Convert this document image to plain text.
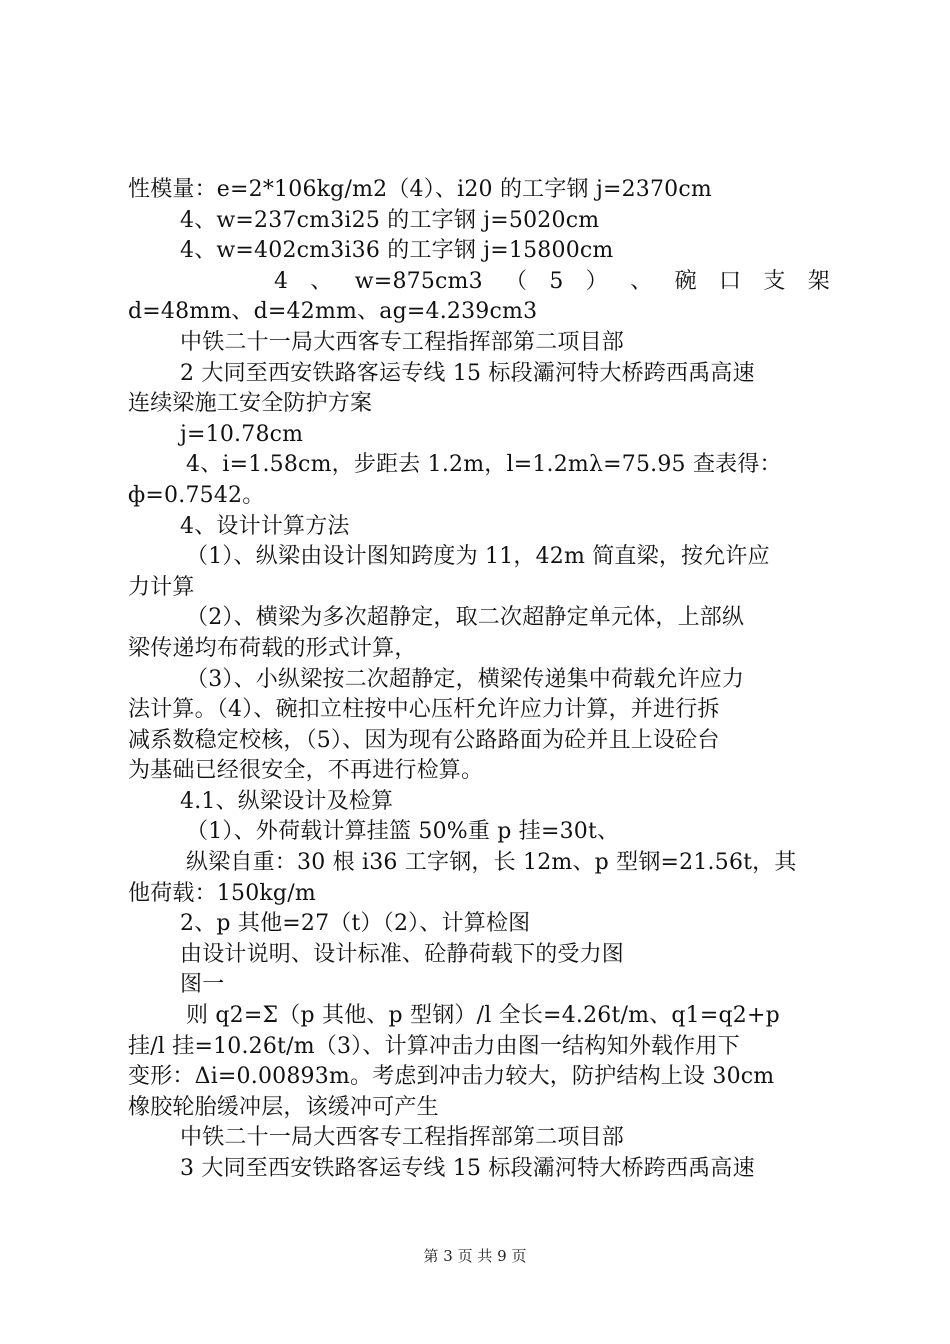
性模量：e=2*106kg/m2（4）、i20 的工字钢 j=2370cm
4、w=237cm3i25 的工字钢 j=5020cm
4、w=402cm3i36 的工字钢 j=15800cm
4 、 w=875cm3 （ 5 ） 、 碗 口 支 架
d=48mm、d=42mm、ag=4.239cm3
中铁二十一局大西客专工程指挥部第二项目部
2 大同至西安铁路客运专线 15 标段灞河特大桥跨西禹高速
连续梁施工安全防护方案
j=10.78cm
4、i=1.58cm，步距去 1.2m，l=1.2mλ=75.95 查表得：
ф=0.7542。
4、设计计算方法
（1）、纵梁由设计图知跨度为 11，42m 简直梁，按允许应
力计算
（2）、横梁为多次超静定，取二次超静定单元体，上部纵
梁传递均布荷载的形式计算，
（3）、小纵梁按二次超静定，横梁传递集中荷载允许应力
法计算。（4）、碗扣立柱按中心压杆允许应力计算，并进行拆
减系数稳定校核，（5）、因为现有公路路面为砼并且上设砼台
为基础已经很安全，不再进行检算。
4.1、纵梁设计及检算
（1）、外荷载计算挂篮 50%重 p 挂=30t、
纵梁自重：30 根 i36 工字钢，长 12m、p 型钢=21.56t，其
他荷载：150kg/m
2、p 其他=27（t）（2）、计算检图
由设计说明、设计标准、砼静荷载下的受力图
图一
则 q2=Σ（p 其他、p 型钢）/l 全长=4.26t/m、q1=q2+p
挂/l 挂=10.26t/m（3）、计算冲击力由图一结构知外载作用下
变形：Δi=0.00893m。考虑到冲击力较大，防护结构上设 30cm
橡胶轮胎缓冲层，该缓冲可产生
中铁二十一局大西客专工程指挥部第二项目部
3 大同至西安铁路客运专线 15 标段灞河特大桥跨西禹高速
第 3 页 共 9 页
